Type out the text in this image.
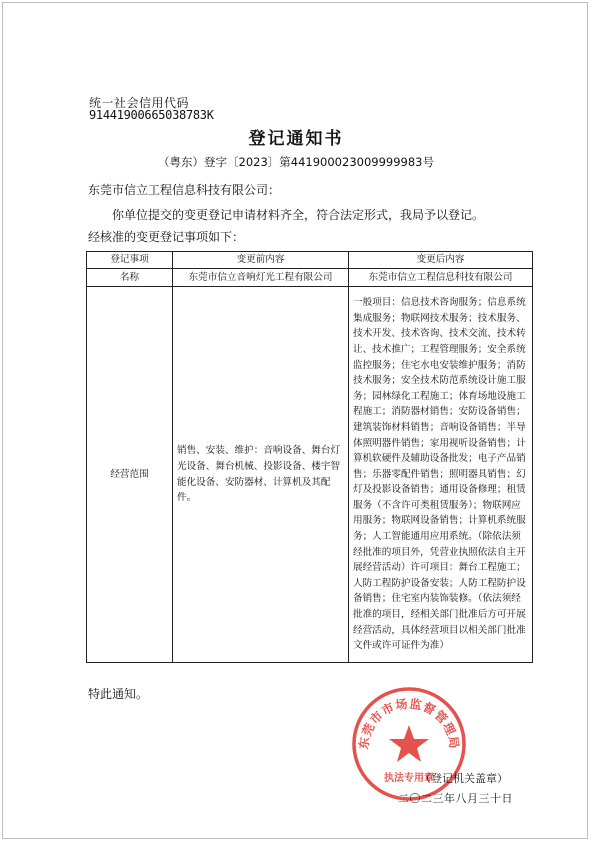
统一社会信用代码
91441900665038783K
登记通知书
（粤东）登字〔2023〕第441900023009999983号
东莞市信立工程信息科技有限公司：
你单位提交的变更登记申请材料齐全，符合法定形式，我局予以登记。
经核准的变更登记事项如下：
登记事项	变更前内容	变更后内容
名称	东莞市信立音响灯光工程有限公司	东莞市信立工程信息科技有限公司
经营范围	销售、安装、维护：音响设备、舞台灯光设备、舞台机械、投影设备、楼宇智能化设备、安防器材、计算机及其配件。	一般项目：信息技术咨询服务；信息系统集成服务；物联网技术服务；技术服务、技术开发、技术咨询、技术交流、技术转让、技术推广；工程管理服务；安全系统监控服务；住宅水电安装维护服务；消防技术服务；安全技术防范系统设计施工服务；园林绿化工程施工；体育场地设施工程施工；消防器材销售；安防设备销售；建筑装饰材料销售；音响设备销售；半导体照明器件销售；家用视听设备销售；计算机软硬件及辅助设备批发；电子产品销售；乐器零配件销售；照明器具销售；幻灯及投影设备销售；通用设备修理；租赁服务（不含许可类租赁服务）；物联网应用服务；物联网设备销售；计算机系统服务；人工智能通用应用系统。（除依法须经批准的项目外，凭营业执照依法自主开展经营活动）许可项目：舞台工程施工；人防工程防护设备安装；人防工程防护设备销售；住宅室内装饰装修。（依法须经批准的项目，经相关部门批准后方可开展经营活动，具体经营项目以相关部门批准文件或许可证件为准）
特此通知。
东莞市市场监督管理局
执法专用章
（登记机关盖章）
二〇二三年八月三十日
